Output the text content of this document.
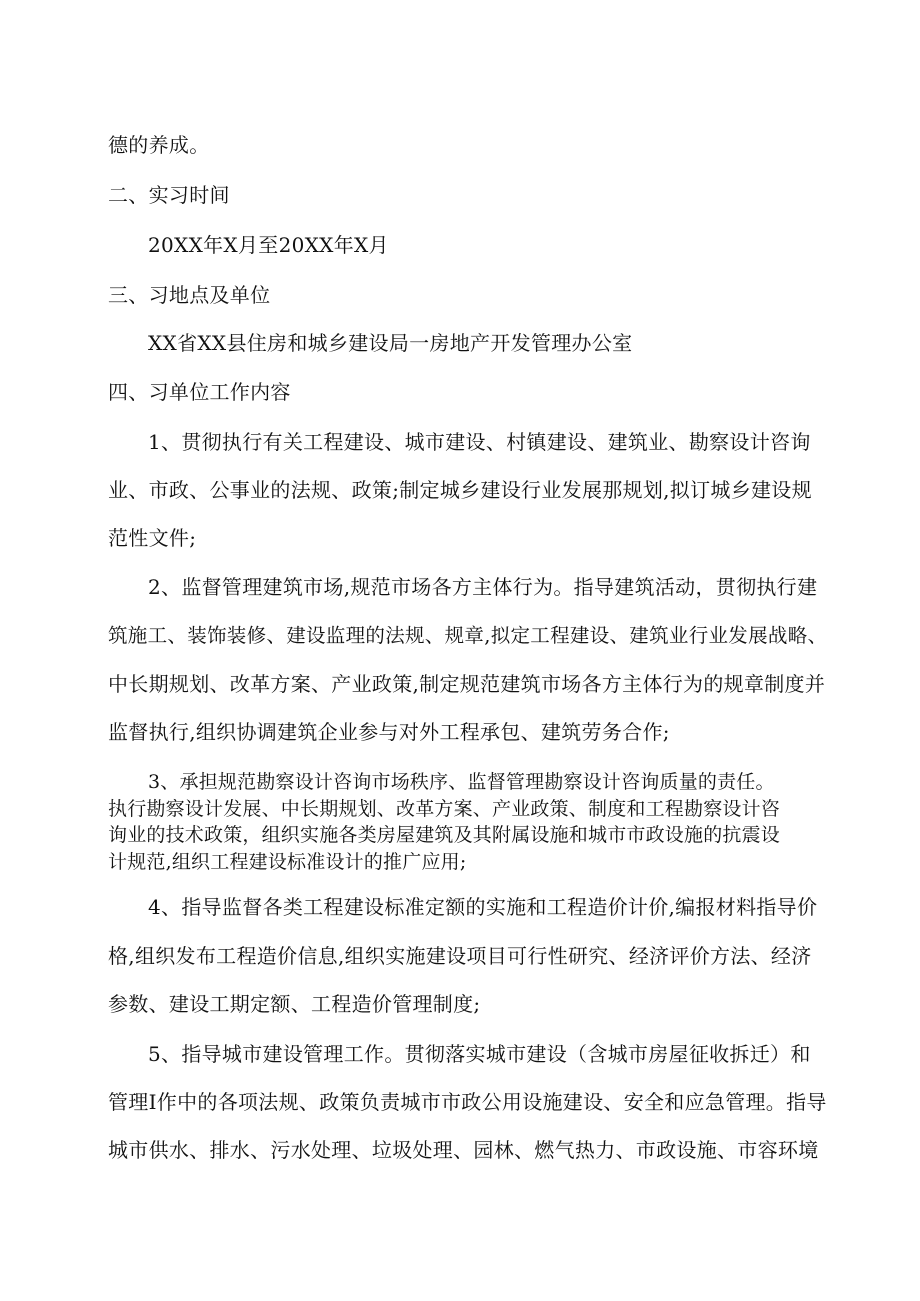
德的养成。
二、实习时间
20XX年X月至20XX年X月
三、习地点及单位
XX省XX县住房和城乡建设局一房地产开发管理办公室
四、习单位工作内容
1、贯彻执行有关工程建设、城市建设、村镇建设、建筑业、勘察设计咨询
业、市政、公事业的法规、政策;制定城乡建设行业发展那规划,拟订城乡建设规
范性文件;
2、监督管理建筑市场,规范市场各方主体行为。指导建筑活动，贯彻执行建
筑施工、装饰装修、建设监理的法规、规章,拟定工程建设、建筑业行业发展战略、
中长期规划、改革方案、产业政策,制定规范建筑市场各方主体行为的规章制度并
监督执行,组织协调建筑企业参与对外工程承包、建筑劳务合作;
3、承担规范勘察设计咨询市场秩序、监督管理勘察设计咨询质量的责任。
执行勘察设计发展、中长期规划、改革方案、产业政策、制度和工程勘察设计咨
询业的技术政策，组织实施各类房屋建筑及其附属设施和城市市政设施的抗震设
计规范,组织工程建设标准设计的推广应用;
4、指导监督各类工程建设标准定额的实施和工程造价计价,编报材料指导价
格,组织发布工程造价信息,组织实施建设项目可行性研究、经济评价方法、经济
参数、建设工期定额、工程造价管理制度;
5、指导城市建设管理工作。贯彻落实城市建设（含城市房屋征收拆迁）和
管理I作中的各项法规、政策负责城市市政公用设施建设、安全和应急管理。指导
城市供水、排水、污水处理、垃圾处理、园林、燃气热力、市政设施、市容环境
